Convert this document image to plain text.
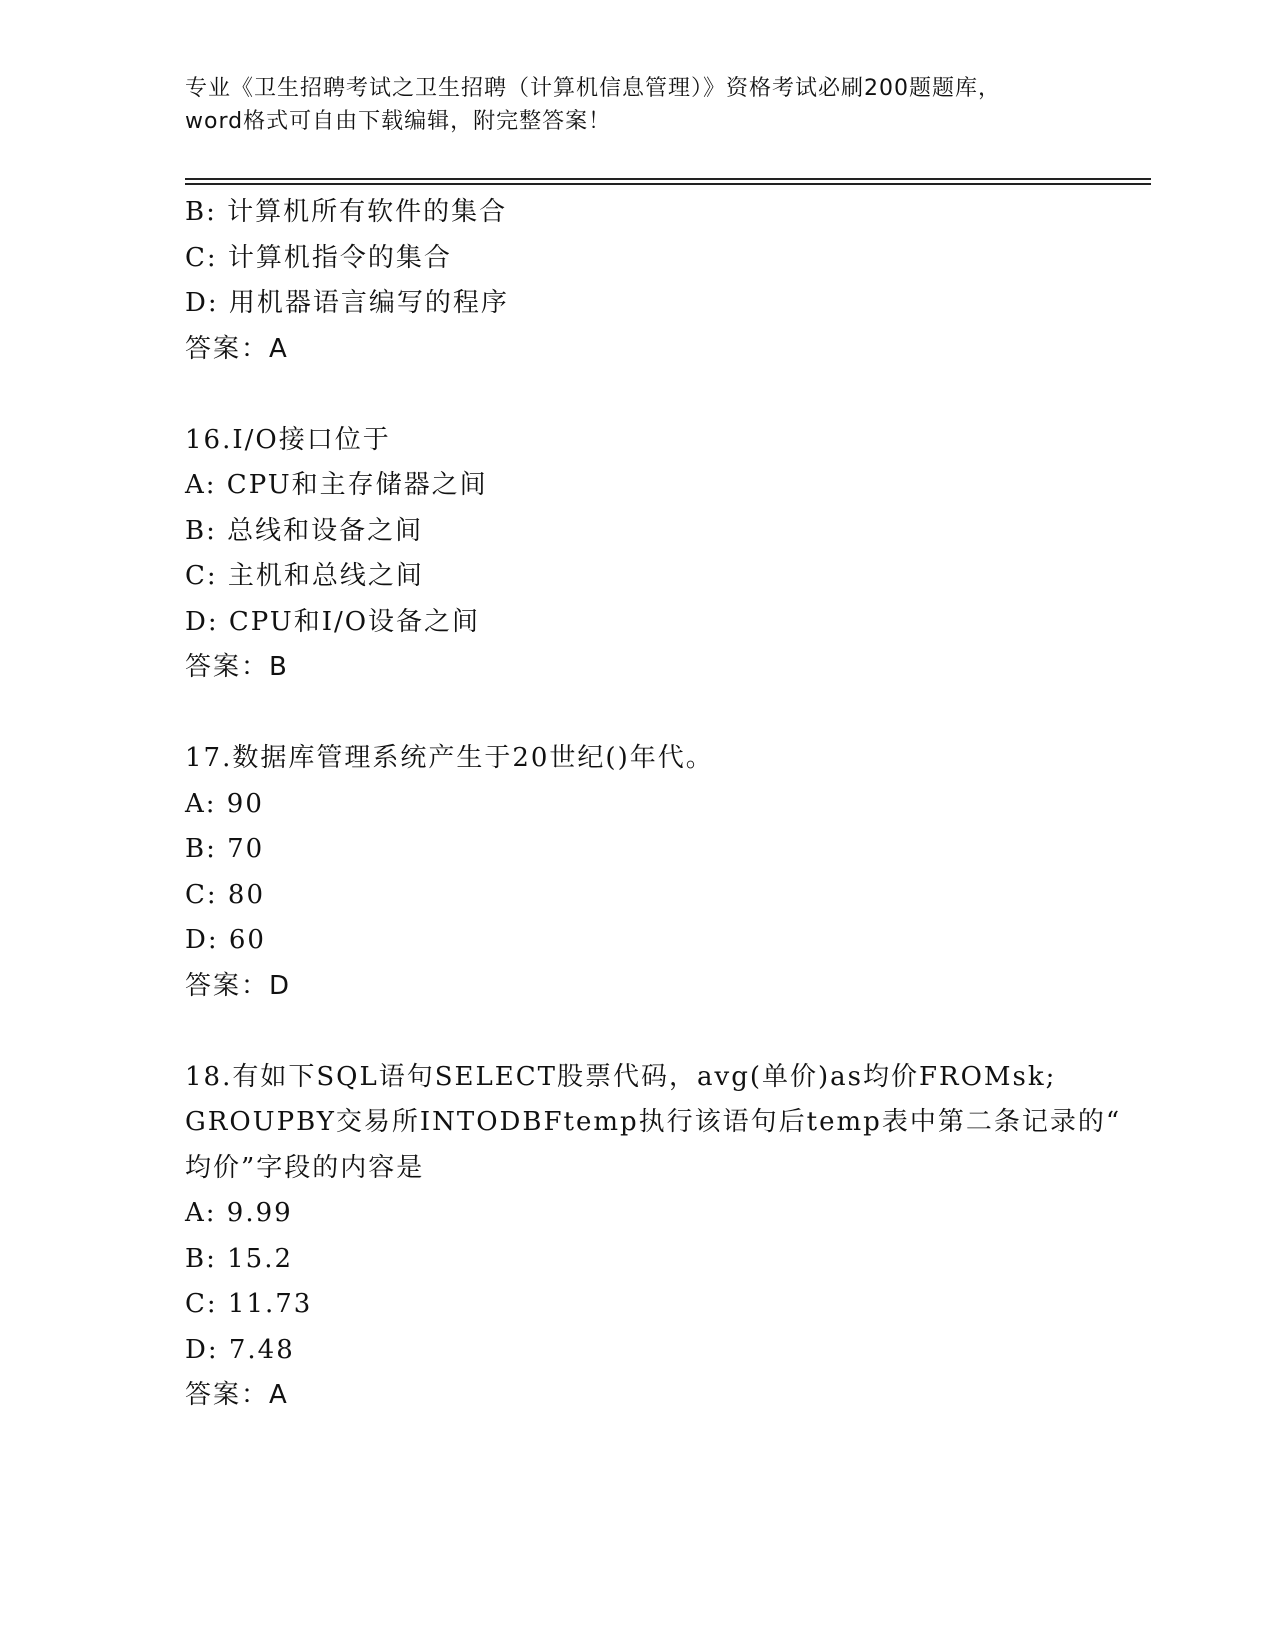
专业《卫生招聘考试之卫生招聘（计算机信息管理）》资格考试必刷200题题库，
word格式可自由下载编辑，附完整答案！
B: 计算机所有软件的集合
C: 计算机指令的集合
D: 用机器语言编写的程序
答案：A
16.I/O接口位于
A: CPU和主存储器之间
B: 总线和设备之间
C: 主机和总线之间
D: CPU和I/O设备之间
答案：B
17.数据库管理系统产生于20世纪()年代。
A: 90
B: 70
C: 80
D: 60
答案：D
18.有如下SQL语句SELECT股票代码，avg(单价)as均价FROMsk;
GROUPBY交易所INTODBFtemp执行该语句后temp表中第二条记录的“
均价”字段的内容是
A: 9.99
B: 15.2
C: 11.73
D: 7.48
答案：A
